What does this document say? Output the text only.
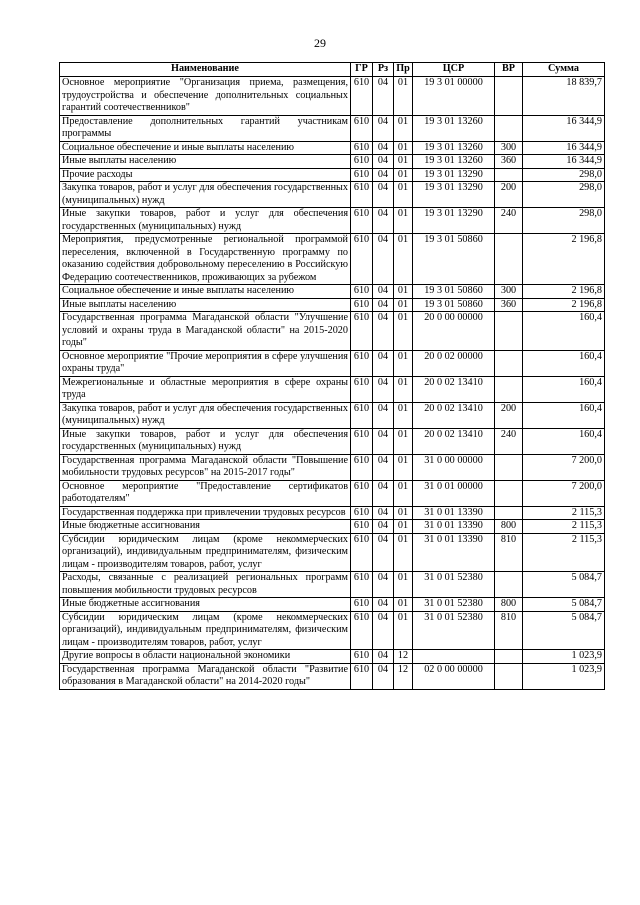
29
Наименование	ГР	Рз	Пр	ЦСР	ВР	Сумма
Основное мероприятие "Организация приема, размещения, трудоустройства и обеспечение дополнительных социальных гарантий соотечественников"	610	04	01	19 3 01 00000		18 839,7
Предоставление дополнительных гарантий участникам программы	610	04	01	19 3 01 13260		16 344,9
Социальное обеспечение и иные выплаты населению	610	04	01	19 3 01 13260	300	16 344,9
Иные выплаты населению	610	04	01	19 3 01 13260	360	16 344,9
Прочие расходы	610	04	01	19 3 01 13290		298,0
Закупка товаров, работ и услуг для обеспечения государственных (муниципальных) нужд	610	04	01	19 3 01 13290	200	298,0
Иные закупки товаров, работ и услуг для обеспечения государственных (муниципальных) нужд	610	04	01	19 3 01 13290	240	298,0
Мероприятия, предусмотренные региональной программой переселения, включенной в Государственную программу по оказанию содействия добровольному переселению в Российскую Федерацию соотечественников, проживающих за рубежом	610	04	01	19 3 01 50860		2 196,8
Социальное обеспечение и иные выплаты населению	610	04	01	19 3 01 50860	300	2 196,8
Иные выплаты населению	610	04	01	19 3 01 50860	360	2 196,8
Государственная программа Магаданской области "Улучшение условий и охраны труда в Магаданской области" на 2015-2020 годы"	610	04	01	20 0 00 00000		160,4
Основное мероприятие "Прочие мероприятия в сфере улучшения охраны труда"	610	04	01	20 0 02 00000		160,4
Межрегиональные и областные мероприятия в сфере охраны труда	610	04	01	20 0 02 13410		160,4
Закупка товаров, работ и услуг для обеспечения государственных (муниципальных) нужд	610	04	01	20 0 02 13410	200	160,4
Иные закупки товаров, работ и услуг для обеспечения государственных (муниципальных) нужд	610	04	01	20 0 02 13410	240	160,4
Государственная программа Магаданской области "Повышение мобильности трудовых ресурсов" на 2015-2017 годы"	610	04	01	31 0 00 00000		7 200,0
Основное мероприятие "Предоставление сертификатов работодателям"	610	04	01	31 0 01 00000		7 200,0
Государственная поддержка при привлечении трудовых ресурсов	610	04	01	31 0 01 13390		2 115,3
Иные бюджетные ассигнования	610	04	01	31 0 01 13390	800	2 115,3
Субсидии юридическим лицам (кроме некоммерческих организаций), индивидуальным предпринимателям, физическим лицам - производителям товаров, работ, услуг	610	04	01	31 0 01 13390	810	2 115,3
Расходы, связанные с реализацией региональных программ повышения мобильности трудовых ресурсов	610	04	01	31 0 01 52380		5 084,7
Иные бюджетные ассигнования	610	04	01	31 0 01 52380	800	5 084,7
Субсидии юридическим лицам (кроме некоммерческих организаций), индивидуальным предпринимателям, физическим лицам - производителям товаров, работ, услуг	610	04	01	31 0 01 52380	810	5 084,7
Другие вопросы в области национальной экономики	610	04	12			1 023,9
Государственная программа Магаданской области "Развитие образования в Магаданской области" на 2014-2020 годы"	610	04	12	02 0 00 00000		1 023,9
